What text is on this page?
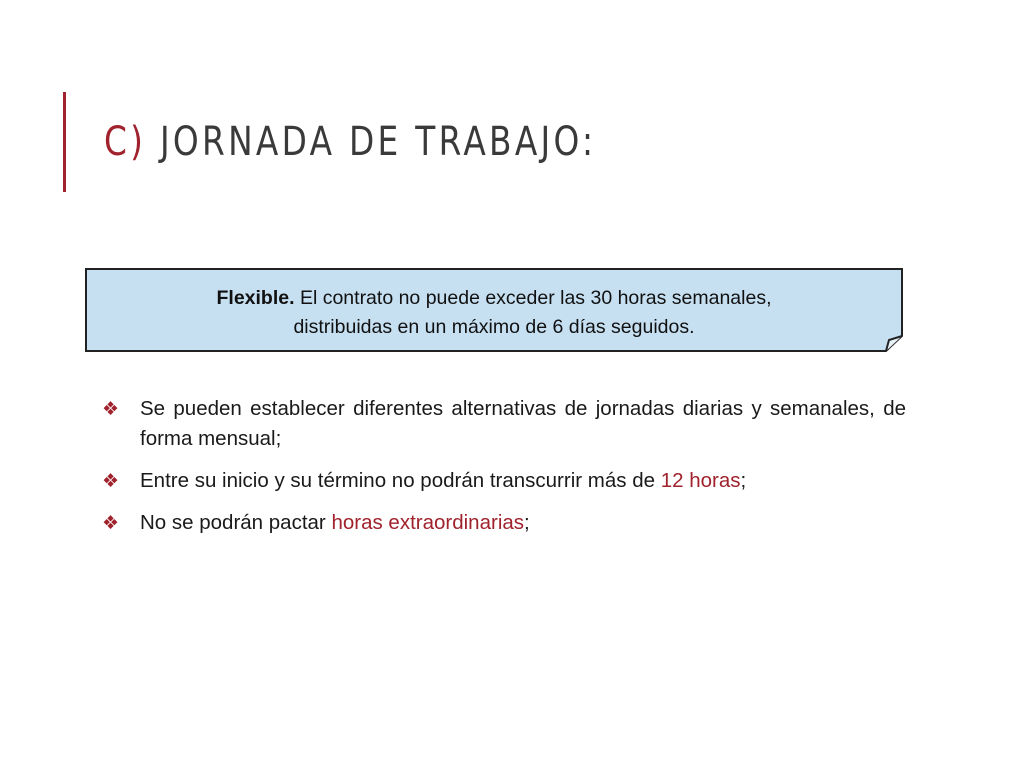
C) JORNADA DE TRABAJO:
Flexible. El contrato no puede exceder las 30 horas semanales,
distribuidas en un máximo de 6 días seguidos.
❖ Se pueden establecer diferentes alternativas de jornadas diarias y semanales, de forma mensual;
❖ Entre su inicio y su término no podrán transcurrir más de 12 horas;
❖ No se podrán pactar horas extraordinarias;
